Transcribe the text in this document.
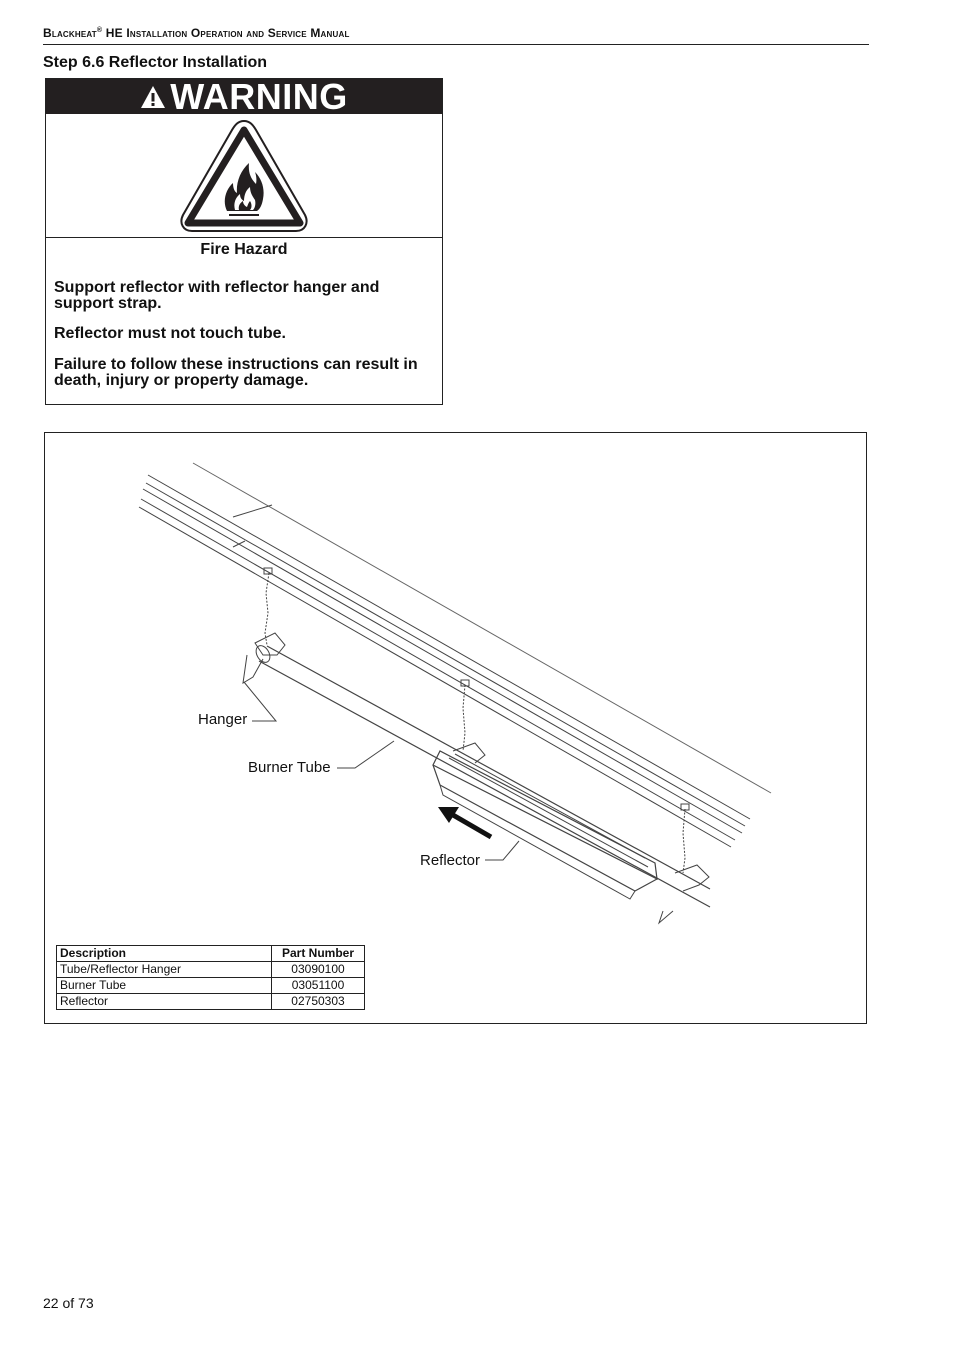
Blackheat® HE Installation Operation and Service Manual
Step 6.6 Reflector Installation
WARNING
Fire Hazard

Support reflector with reflector hanger and support strap.

Reflector must not touch tube.

Failure to follow these instructions can result in death, injury or property damage.

Hanger
Burner Tube
Reflector
Description	Part Number
Tube/Reflector Hanger	03090100
Burner Tube	03051100
Reflector	02750303
22 of 73
